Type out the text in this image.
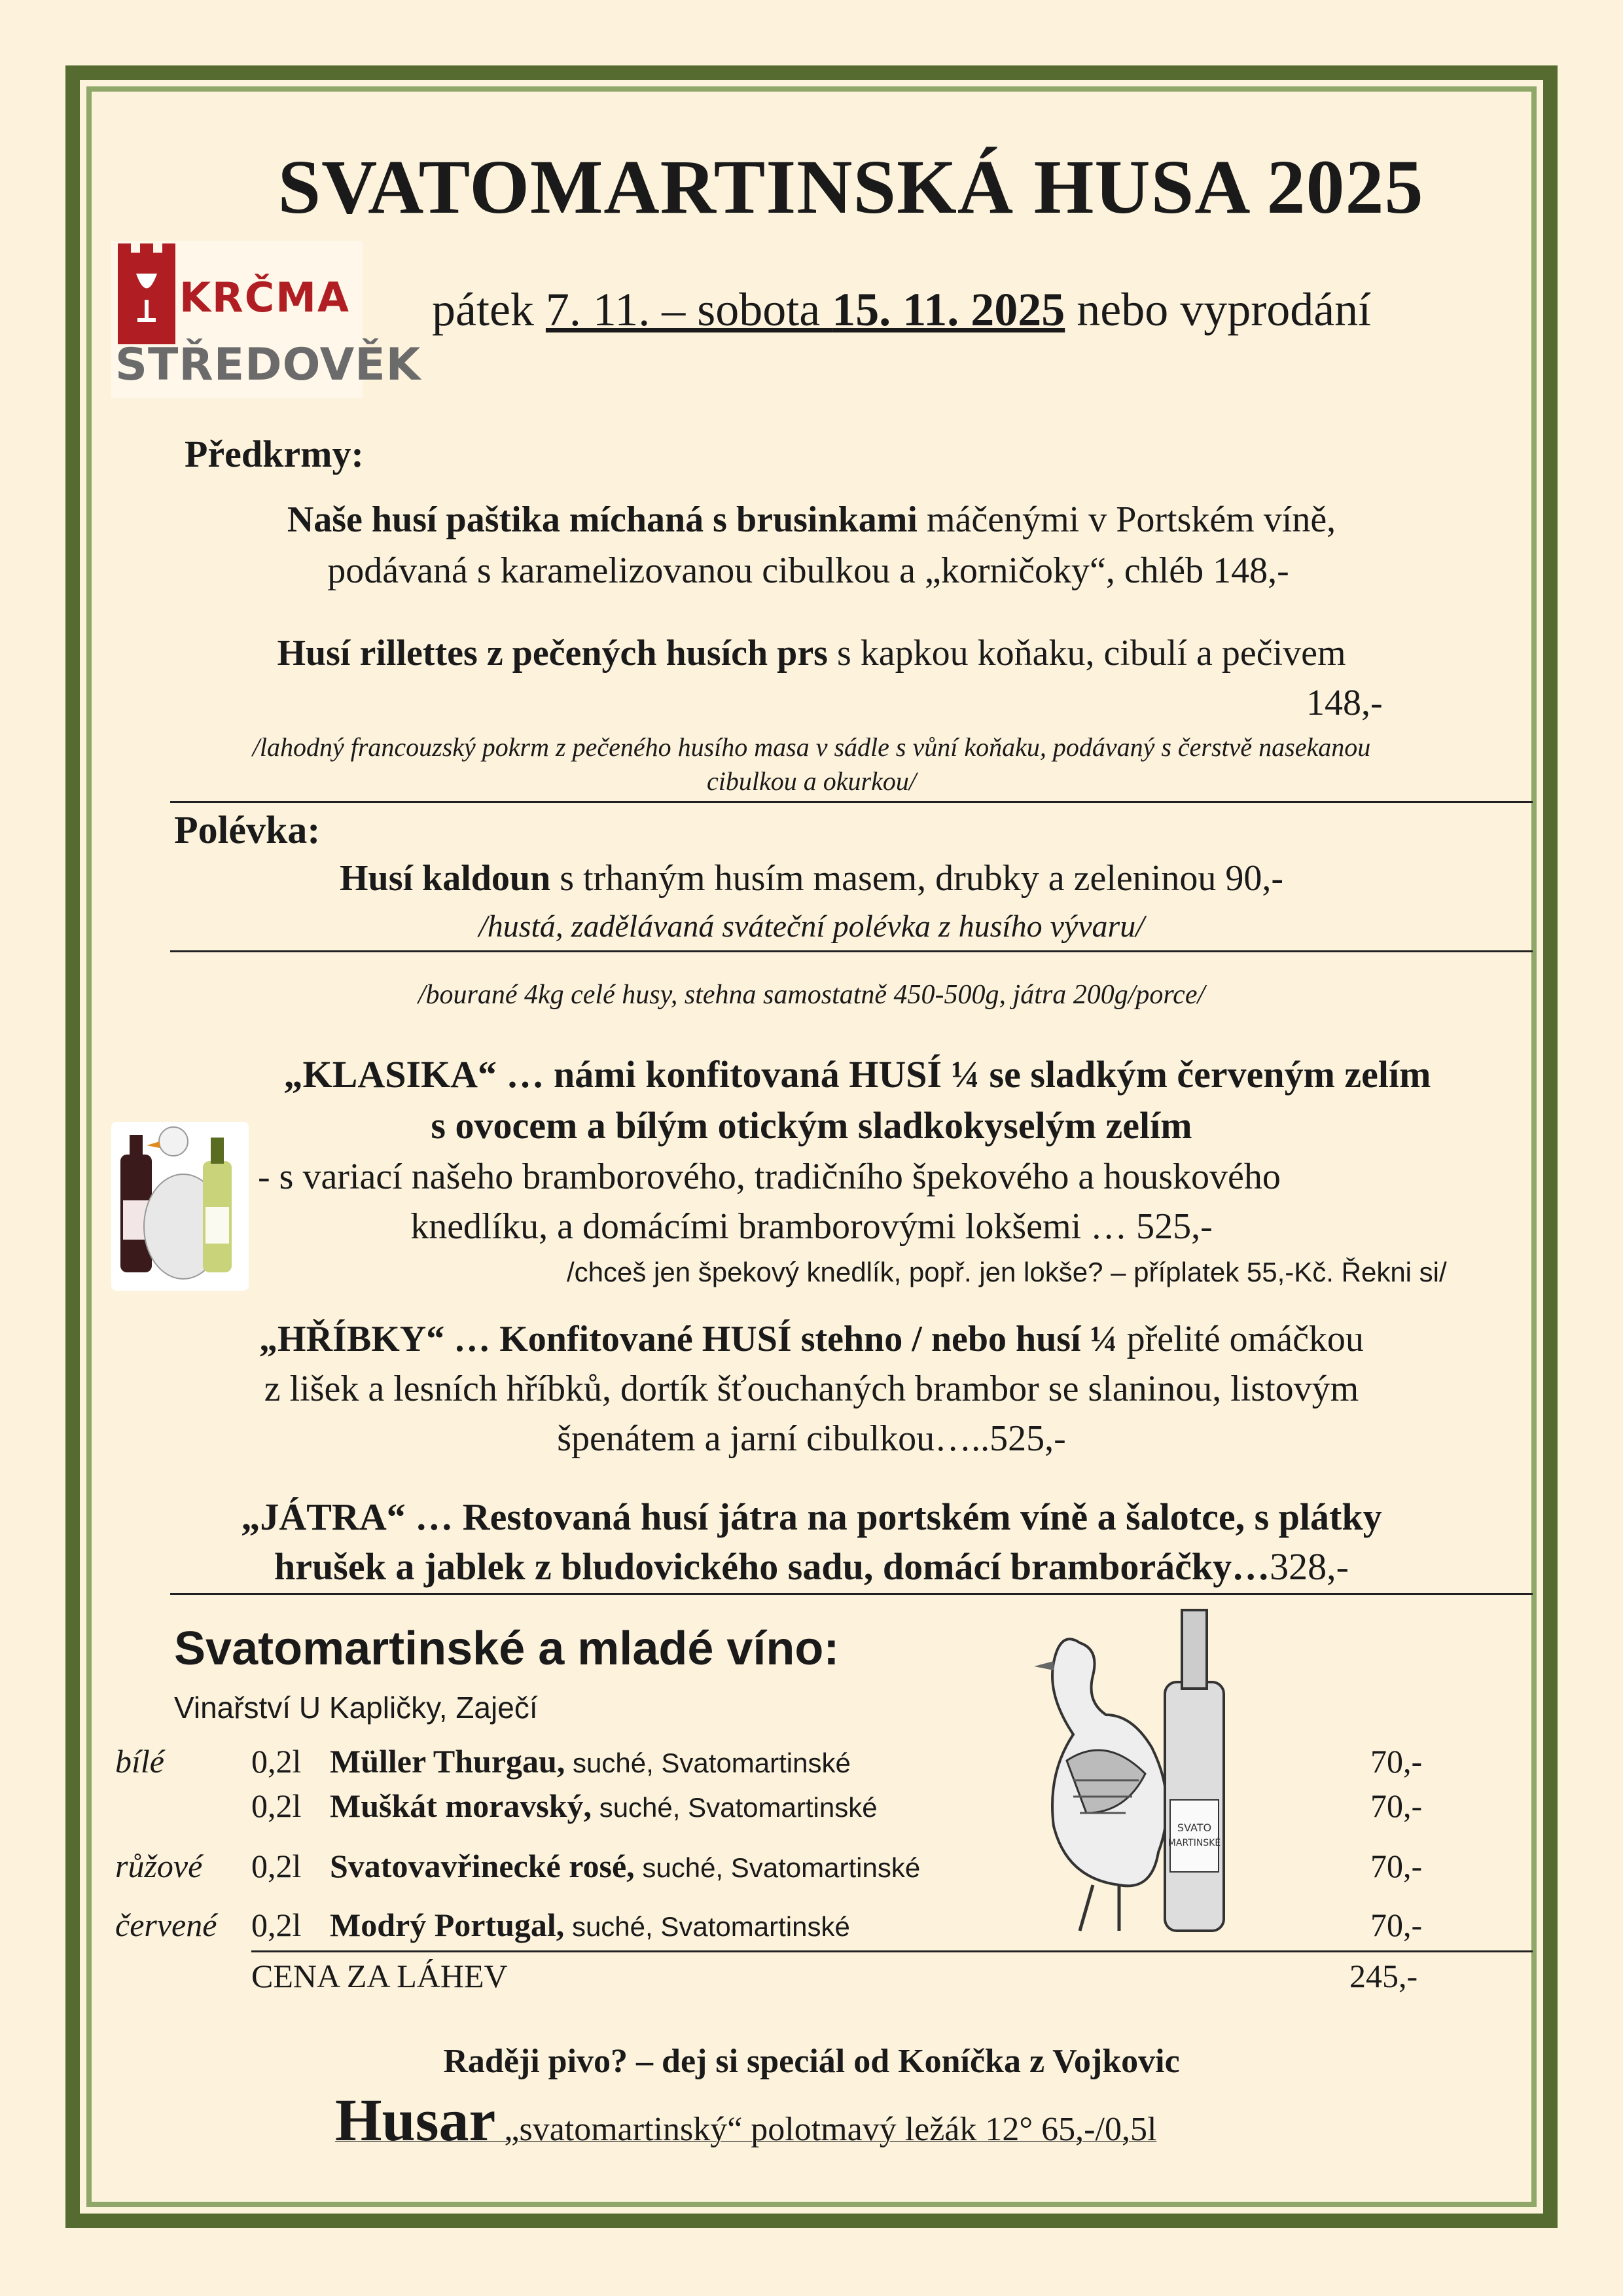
SVATOMARTINSKÁ HUSA 2025
KRČMA
STŘEDOVĚK
pátek 7. 11. – sobota 15. 11. 2025 nebo vyprodání
Předkrmy:
Naše husí paštika míchaná s brusinkami máčenými v Portském víně,
podávaná s karamelizovanou cibulkou a „korničoky“, chléb 148,-
Husí rillettes z pečených husích prs s kapkou koňaku, cibulí a pečivem
148,-
/lahodný francouzský pokrm z pečeného husího masa v sádle s vůní koňaku, podávaný s čerstvě nasekanou
cibulkou a okurkou/
Polévka:
Husí kaldoun s trhaným husím masem, drubky a zeleninou 90,-
/hustá, zadělávaná sváteční polévka z husího vývaru/
/bourané 4kg celé husy, stehna samostatně 450-500g, játra 200g/porce/
„KLASIKA“ … námi konfitovaná HUSÍ ¼ se sladkým červeným zelím
s ovocem a bílým otickým sladkokyselým zelím
- s variací našeho bramborového, tradičního špekového a houskového
knedlíku, a domácími bramborovými lokšemi … 525,-
/chceš jen špekový knedlík, popř. jen lokše? – příplatek 55,-Kč. Řekni si/
„HŘÍBKY“ … Konfitované HUSÍ stehno / nebo husí ¼ přelité omáčkou
z lišek a lesních hříbků, dortík šťouchaných brambor se slaninou, listovým
špenátem a jarní cibulkou…..525,-
„JÁTRA“ … Restovaná husí játra na portském víně a šalotce, s plátky
hrušek a jablek z bludovického sadu, domácí bramboráčky…328,-
Svatomartinské a mladé víno:
Vinařství U Kapličky, Zaječí
bílé	0,2l Müller Thurgau, suché, Svatomartinské	70,-
0,2l Muškát moravský, suché, Svatomartinské	70,-
růžové 0,2l Svatovavřinecké rosé, suché, Svatomartinské	70,-
červené 0,2l Modrý Portugal, suché, Svatomartinské	70,-
CENA ZA LÁHEV	245,-
SVATO
MARTINSKÉ
Raději pivo? – dej si speciál od Koníčka z Vojkovic
Husar „svatomartinský“ polotmavý ležák 12° 65,-/0,5l
